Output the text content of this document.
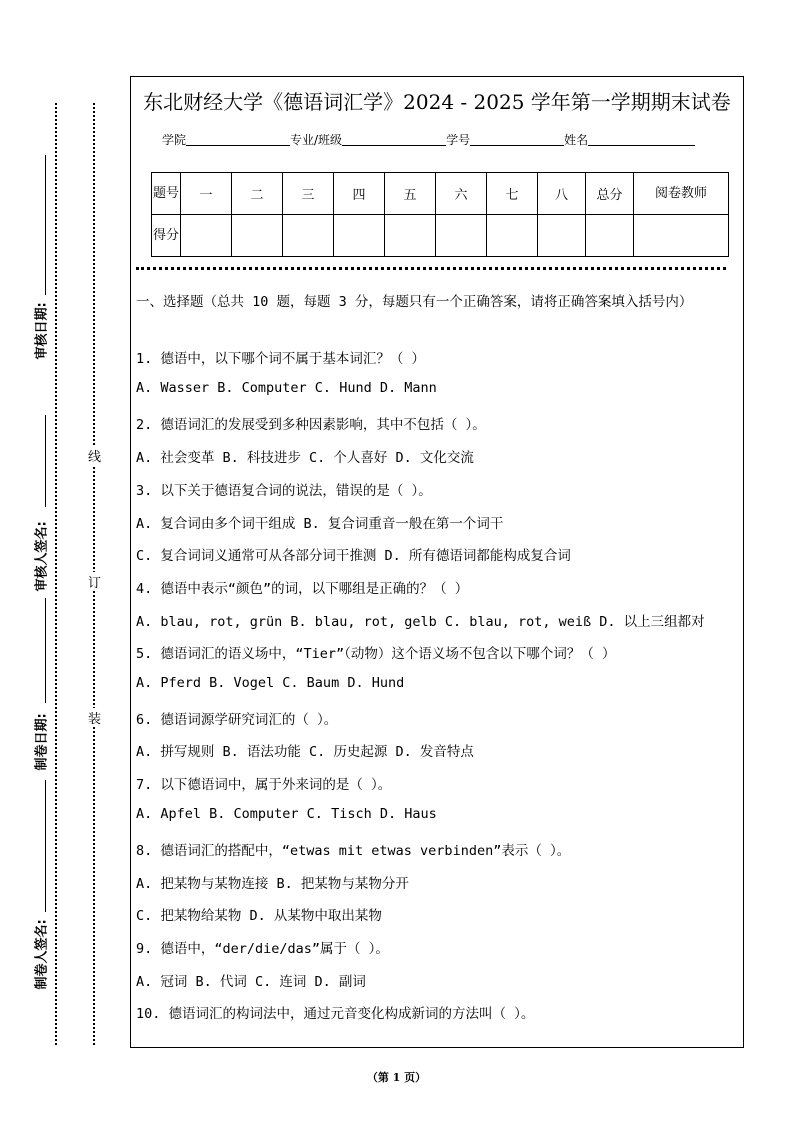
审核日期:
审核人签名:
制卷日期:
制卷人签名:
线
订
装
东北财经大学《德语词汇学》2024 - 2025 学年第一学期期末试卷
学院	专业/班级	学号	姓名
题号	一	二	三	四	五	六	七	八	总分	阅卷教师
得分										
一、选择题（总共 10 题，每题 3 分，每题只有一个正确答案，请将正确答案填入括号内）
1. 德语中，以下哪个词不属于基本词汇？（ ）
A. Wasser B. Computer C. Hund D. Mann
2. 德语词汇的发展受到多种因素影响，其中不包括（ ）。
A. 社会变革 B. 科技进步 C. 个人喜好 D. 文化交流
3. 以下关于德语复合词的说法，错误的是（ ）。
A. 复合词由多个词干组成 B. 复合词重音一般在第一个词干
C. 复合词词义通常可从各部分词干推测 D. 所有德语词都能构成复合词
4. 德语中表示“颜色”的词，以下哪组是正确的？（ ）
A. blau, rot, grün B. blau, rot, gelb C. blau, rot, weiß D. 以上三组都对
5. 德语词汇的语义场中，“Tier”（动物）这个语义场不包含以下哪个词？（ ）
A. Pferd B. Vogel C. Baum D. Hund
6. 德语词源学研究词汇的（ ）。
A. 拼写规则 B. 语法功能 C. 历史起源 D. 发音特点
7. 以下德语词中，属于外来词的是（ ）。
A. Apfel B. Computer C. Tisch D. Haus
8. 德语词汇的搭配中，“etwas mit etwas verbinden”表示（ ）。
A. 把某物与某物连接 B. 把某物与某物分开
C. 把某物给某物 D. 从某物中取出某物
9. 德语中，“der/die/das”属于（ ）。
A. 冠词 B. 代词 C. 连词 D. 副词
10. 德语词汇的构词法中，通过元音变化构成新词的方法叫（ ）。
（第 1 页）
